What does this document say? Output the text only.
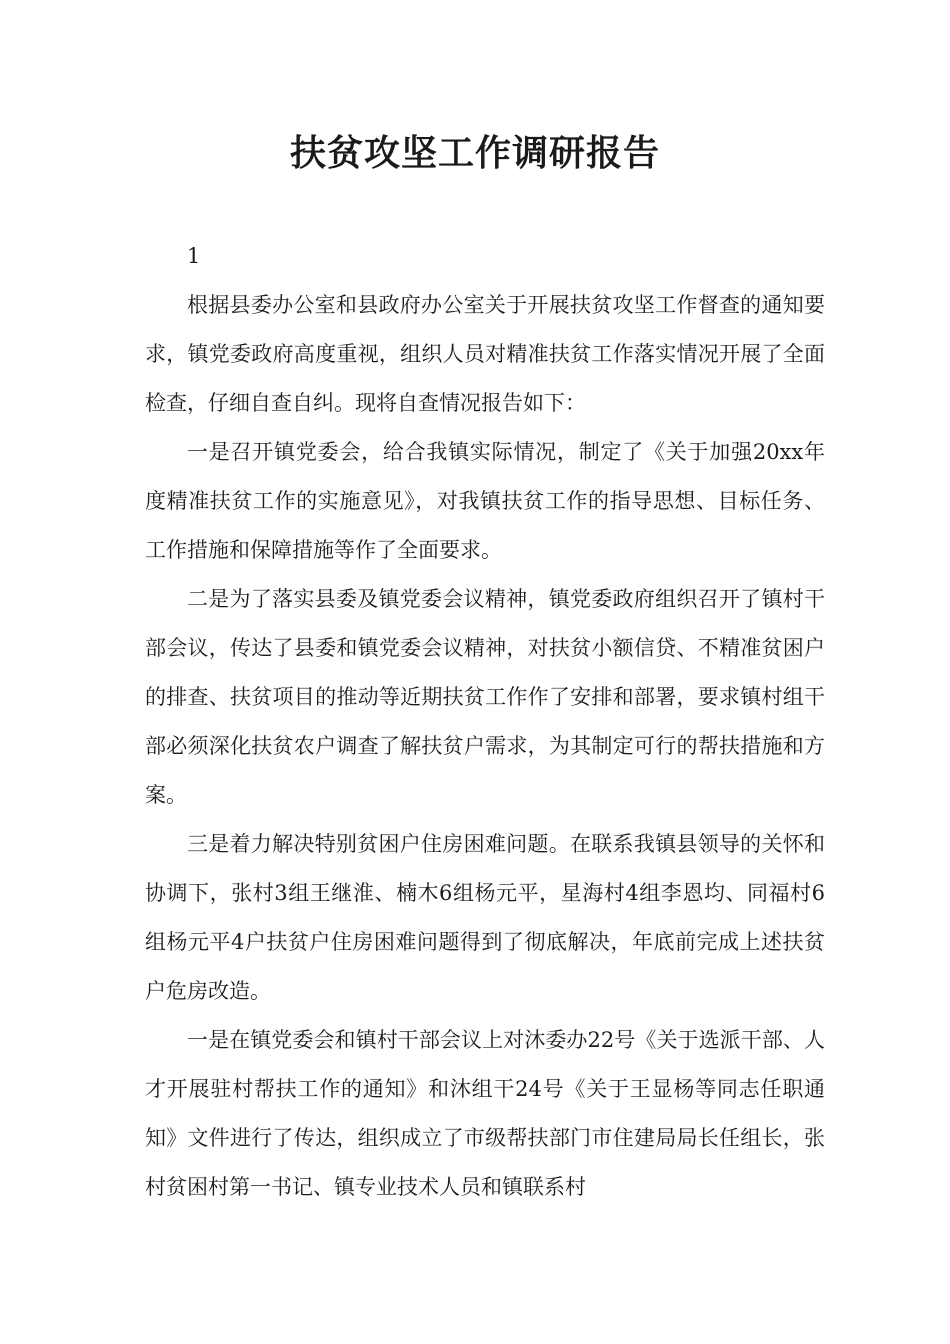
扶贫攻坚工作调研报告

1

根据县委办公室和县政府办公室关于开展扶贫攻坚工作督查的通知要求，镇党委政府高度重视，组织人员对精准扶贫工作落实情况开展了全面检查，仔细自查自纠。现将自查情况报告如下：

一是召开镇党委会，给合我镇实际情况，制定了《关于加强20xx年度精准扶贫工作的实施意见》，对我镇扶贫工作的指导思想、目标任务、工作措施和保障措施等作了全面要求。

二是为了落实县委及镇党委会议精神，镇党委政府组织召开了镇村干部会议，传达了县委和镇党委会议精神，对扶贫小额信贷、不精准贫困户的排查、扶贫项目的推动等近期扶贫工作作了安排和部署，要求镇村组干部必须深化扶贫农户调查了解扶贫户需求，为其制定可行的帮扶措施和方案。

三是着力解决特别贫困户住房困难问题。在联系我镇县领导的关怀和协调下，张村3组王继淮、楠木6组杨元平，星海村4组李恩均、同福村6组杨元平4户扶贫户住房困难问题得到了彻底解决，年底前完成上述扶贫户危房改造。

一是在镇党委会和镇村干部会议上对沐委办22号《关于选派干部、人才开展驻村帮扶工作的通知》和沐组干24号《关于王显杨等同志任职通知》文件进行了传达，组织成立了市级帮扶部门市住建局局长任组长，张村贫困村第一书记、镇专业技术人员和镇联系村
